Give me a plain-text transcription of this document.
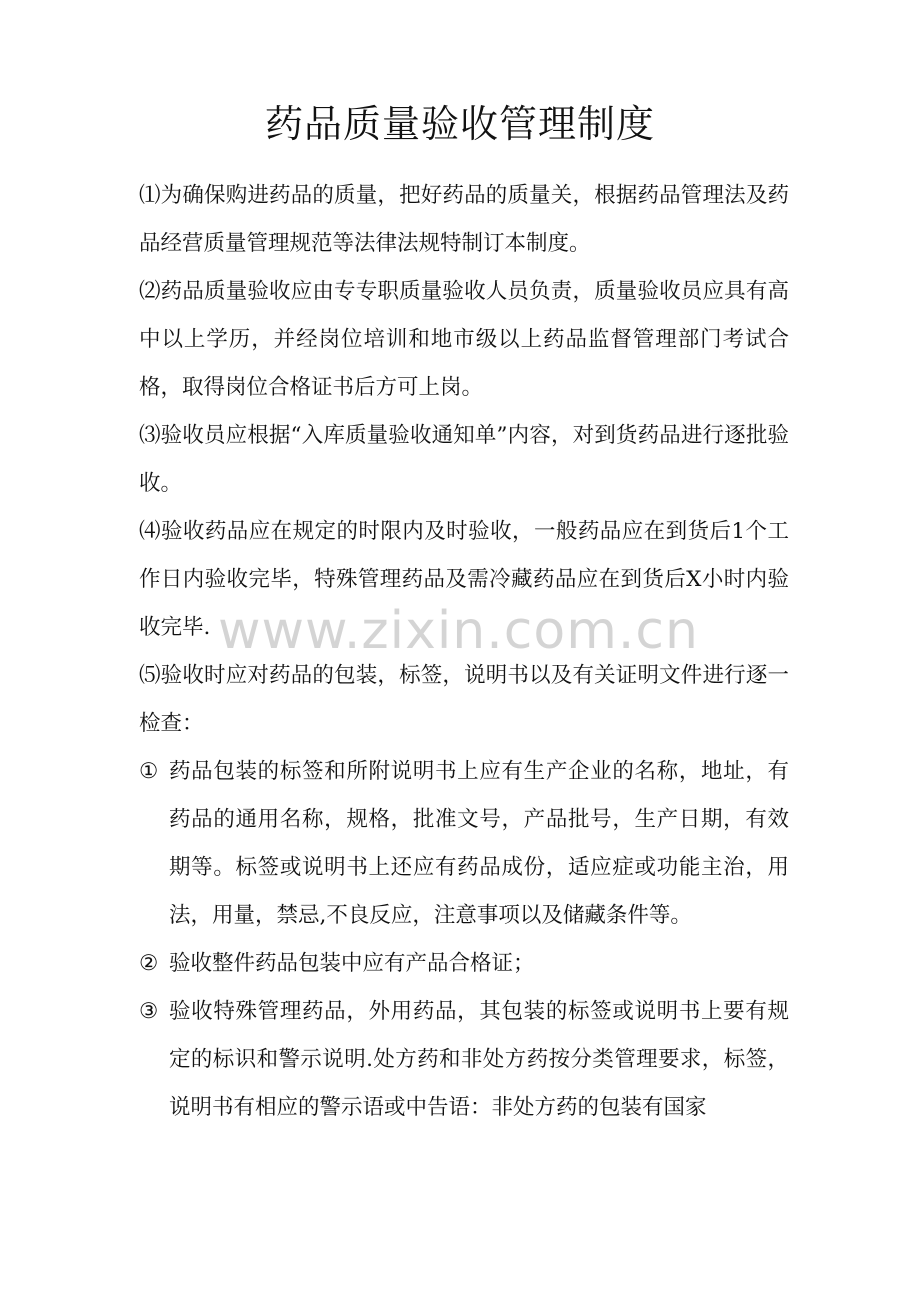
药品质量验收管理制度

⑴为确保购进药品的质量，把好药品的质量关，根据药品管理法及药品经营质量管理规范等法律法规特制订本制度。

⑵药品质量验收应由专专职质量验收人员负责，质量验收员应具有高中以上学历，并经岗位培训和地市级以上药品监督管理部门考试合格，取得岗位合格证书后方可上岗。

⑶验收员应根据“入库质量验收通知单”内容，对到货药品进行逐批验收。

⑷验收药品应在规定的时限内及时验收，一般药品应在到货后1个工作日内验收完毕，特殊管理药品及需冷藏药品应在到货后X小时内验收完毕.

⑸验收时应对药品的包装，标签，说明书以及有关证明文件进行逐一检查：

① 药品包装的标签和所附说明书上应有生产企业的名称，地址，有药品的通用名称，规格，批准文号，产品批号，生产日期，有效期等。标签或说明书上还应有药品成份，适应症或功能主治，用法，用量，禁忌,不良反应，注意事项以及储藏条件等。
② 验收整件药品包装中应有产品合格证；
③ 验收特殊管理药品，外用药品，其包装的标签或说明书上要有规定的标识和警示说明.处方药和非处方药按分类管理要求，标签，说明书有相应的警示语或中告语：非处方药的包装有国家
www.zixin.com.cn
